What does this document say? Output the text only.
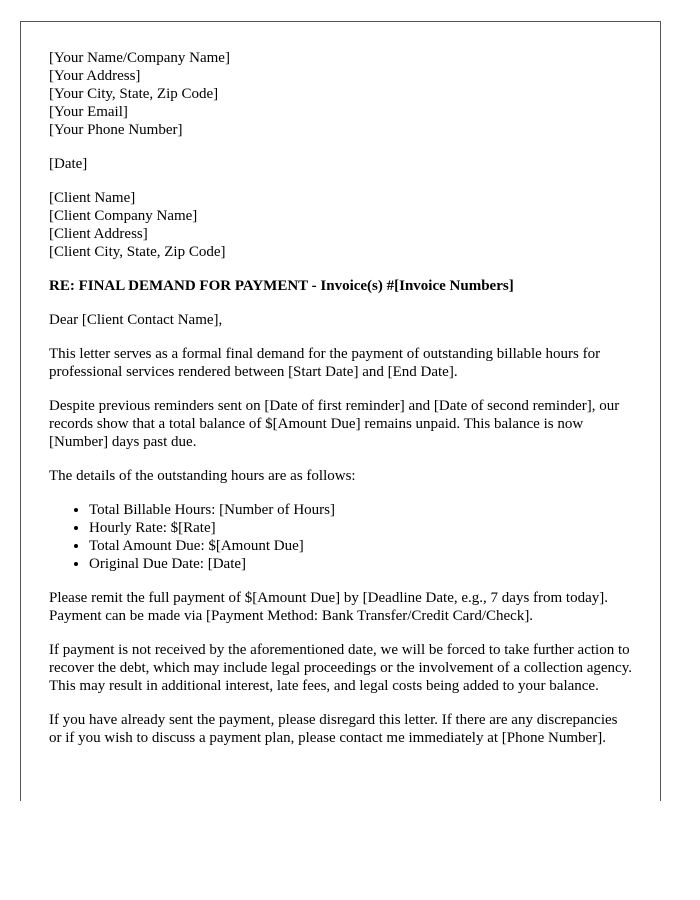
[Your Name/Company Name]
[Your Address]
[Your City, State, Zip Code]
[Your Email]
[Your Phone Number]
[Date]
[Client Name]
[Client Company Name]
[Client Address]
[Client City, State, Zip Code]

RE: FINAL DEMAND FOR PAYMENT - Invoice(s) #[Invoice Numbers]

Dear [Client Contact Name],

This letter serves as a formal final demand for the payment of outstanding billable hours for professional services rendered between [Start Date] and [End Date].

Despite previous reminders sent on [Date of first reminder] and [Date of second reminder], our records show that a total balance of $[Amount Due] remains unpaid. This balance is now [Number] days past due.

The details of the outstanding hours are as follows:

• Total Billable Hours: [Number of Hours]
• Hourly Rate: $[Rate]
• Total Amount Due: $[Amount Due]
• Original Due Date: [Date]

Please remit the full payment of $[Amount Due] by [Deadline Date, e.g., 7 days from today]. Payment can be made via [Payment Method: Bank Transfer/Credit Card/Check].

If payment is not received by the aforementioned date, we will be forced to take further action to recover the debt, which may include legal proceedings or the involvement of a collection agency. This may result in additional interest, late fees, and legal costs being added to your balance.

If you have already sent the payment, please disregard this letter. If there are any discrepancies or if you wish to discuss a payment plan, please contact me immediately at [Phone Number].
